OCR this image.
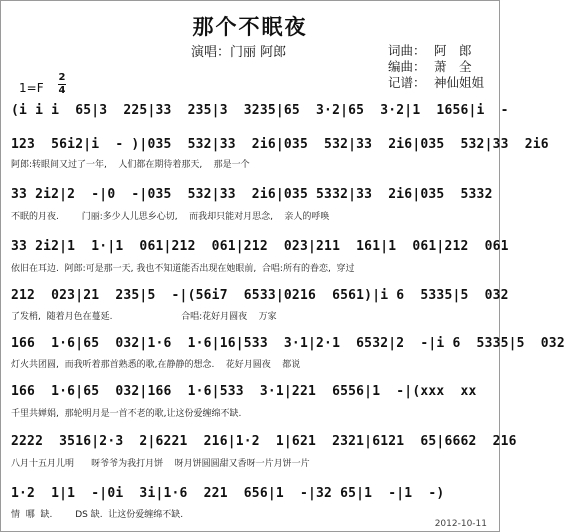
那个不眠夜
演唱：门丽 阿郎	词曲： 阿　郎
编曲： 萧　全
记谱： 神仙姐姐
1=F
2
4
(i i i  65|3  225|33  235|3  3235|65  3·2|65  3·2|1  1656|i  -
123  56i2|i  - )|035  532|33  2i6|035  532|33  2i6|035  532|33  2i6
阿郎:转眼间又过了一年,    人们都在期待着那天,    那是一个
33 2i2|2  -|0  -|035  532|33  2i6|035 5332|33  2i6|035  5332
不眠的月夜.        门丽:多少人儿思乡心切,    而我却只能对月思念,    亲人的呼唤
33 2i2|1  1·|1  061|212  061|212  023|211  161|1  061|212  061
依旧在耳边.  阿郎:可是那一天, 我也不知道能否出现在她眼前,  合唱:所有的眷恋,  穿过
212  023|21  235|5  -|(56i7  6533|0216  6561)|i 6  5335|5  032
了发梢,  随着月色在蔓延.                        合唱:花好月圆夜    万家
166  1·6|65  032|1·6  1·6|16|533  3·1|2·1  6532|2  -|i 6  5335|5  032
灯火共团圆,  而我听着那首熟悉的歌,在静静的想念.    花好月圆夜    都说
166  1·6|65  032|166  1·6|533  3·1|221  6556|1  -|(xxx  xx
千里共婵娟,  那轮明月是一首不老的歌,让这份爱缠绵不缺.
2222  3516|2·3  2|6221  216|1·2  1|621  2321|6121  65|6662  216
八月十五月儿明      呀爷爷为我打月饼    呀月饼圆圆甜又香呀一片月饼一片
1·2  1|1  -|0i  3i|1·6  221  656|1  -|32 65|1  -|1  -)
情  哪  缺.        DS 缺.  让这份爱缠绵不缺.
2012-10-11
